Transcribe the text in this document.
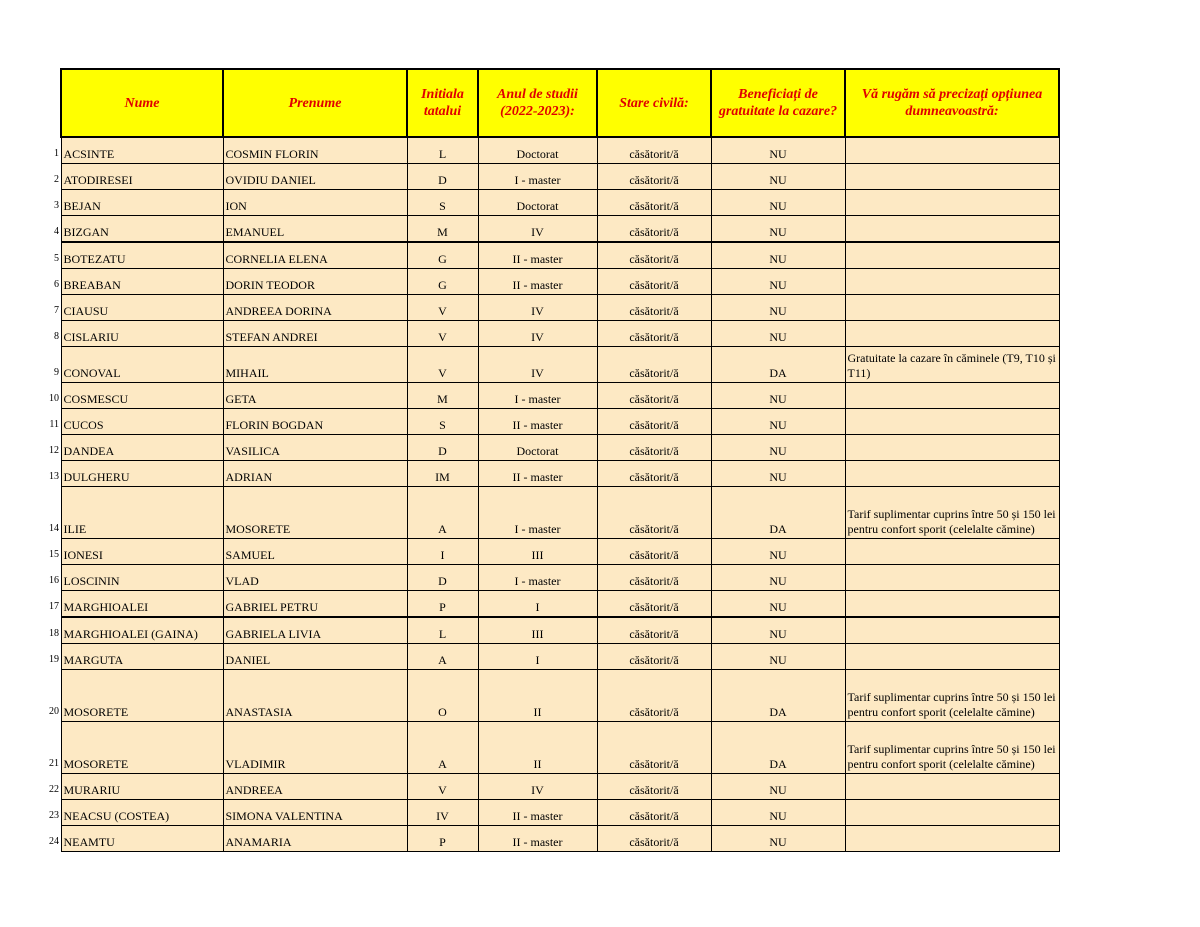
1
2
3
4
5
6
7
8
9
10
11
12
13
14
15
16
17
18
19
20
21
22
23
24
Nume	Prenume	Initiala tatalui	Anul de studii (2022-2023):	Stare civilă:	Beneficiați de gratuitate la cazare?	Vă rugăm să precizați opțiunea dumneavoastră:
ACSINTE	COSMIN FLORIN	L	Doctorat	căsătorit/ă	NU	
ATODIRESEI	OVIDIU DANIEL	D	I - master	căsătorit/ă	NU	
BEJAN	ION	S	Doctorat	căsătorit/ă	NU	
BIZGAN	EMANUEL	M	IV	căsătorit/ă	NU	
BOTEZATU	CORNELIA ELENA	G	II - master	căsătorit/ă	NU	
BREABAN	DORIN TEODOR	G	II - master	căsătorit/ă	NU	
CIAUSU	ANDREEA DORINA	V	IV	căsătorit/ă	NU	
CISLARIU	STEFAN ANDREI	V	IV	căsătorit/ă	NU	
CONOVAL	MIHAIL	V	IV	căsătorit/ă	DA	Gratuitate la cazare în căminele (T9, T10 și T11)
COSMESCU	GETA	M	I - master	căsătorit/ă	NU	
CUCOS	FLORIN BOGDAN	S	II - master	căsătorit/ă	NU	
DANDEA	VASILICA	D	Doctorat	căsătorit/ă	NU	
DULGHERU	ADRIAN	IM	II - master	căsătorit/ă	NU	
ILIE	MOSORETE	A	I - master	căsătorit/ă	DA	Tarif suplimentar cuprins între 50 și 150 lei pentru confort sporit (celelalte cămine)
IONESI	SAMUEL	I	III	căsătorit/ă	NU	
LOSCININ	VLAD	D	I - master	căsătorit/ă	NU	
MARGHIOALEI	GABRIEL PETRU	P	I	căsătorit/ă	NU	
MARGHIOALEI (GAINA)	GABRIELA LIVIA	L	III	căsătorit/ă	NU	
MARGUTA	DANIEL	A	I	căsătorit/ă	NU	
MOSORETE	ANASTASIA	O	II	căsătorit/ă	DA	Tarif suplimentar cuprins între 50 și 150 lei pentru confort sporit (celelalte cămine)
MOSORETE	VLADIMIR	A	II	căsătorit/ă	DA	Tarif suplimentar cuprins între 50 și 150 lei pentru confort sporit (celelalte cămine)
MURARIU	ANDREEA	V	IV	căsătorit/ă	NU	
NEACSU (COSTEA)	SIMONA VALENTINA	IV	II - master	căsătorit/ă	NU	
NEAMTU	ANAMARIA	P	II - master	căsătorit/ă	NU	
